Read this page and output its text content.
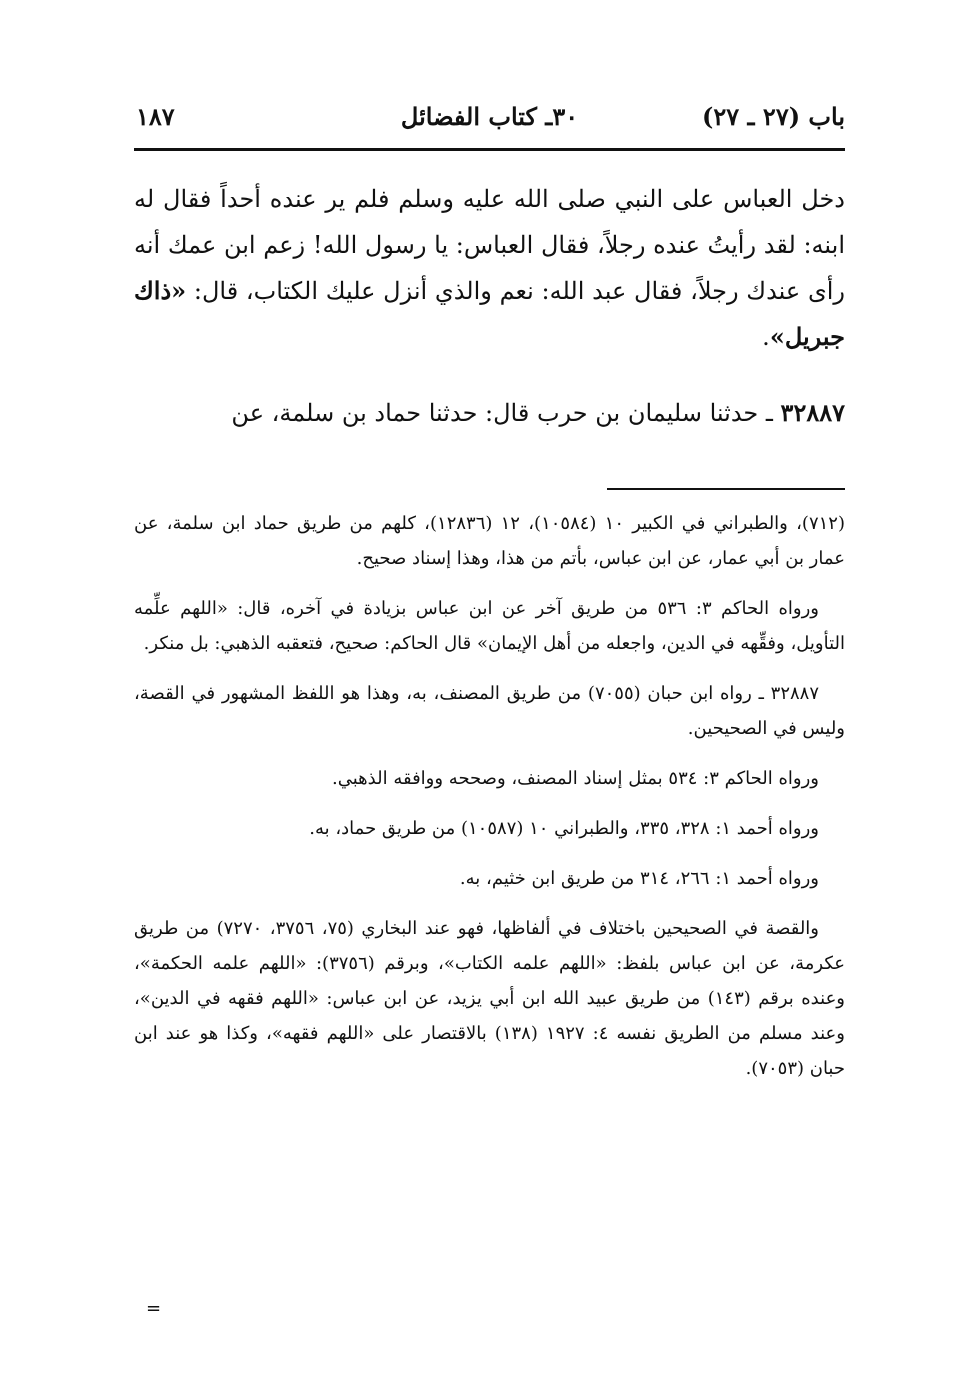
باب (٢٧ ـ ٢٧)
٣٠ـ كتاب الفضائل
١٨٧

دخل العباس على النبي صلى الله عليه وسلم فلم ير عنده أحداً فقال له ابنه: لقد رأيتُ عنده رجلاً، فقال العباس: يا رسول الله! زعم ابن عمك أنه رأى عندك رجلاً، فقال عبد الله: نعم والذي أنزل عليك الكتاب، قال: «ذاك جبريل».

٣٢٨٨٧ ـ حدثنا سليمان بن حرب قال: حدثنا حماد بن سلمة، عن

(٧١٢)، والطبراني في الكبير ١٠ (١٠٥٨٤)، ١٢ (١٢٨٣٦)، كلهم من طريق حماد ابن سلمة، عن عمار بن أبي عمار، عن ابن عباس، بأتم من هذا، وهذا إسناد صحيح.

ورواه الحاكم ٣: ٥٣٦ من طريق آخر عن ابن عباس بزيادة في آخره، قال: «اللهم علِّمه التأويل، وفقِّهه في الدين، واجعله من أهل الإيمان» قال الحاكم: صحيح، فتعقبه الذهبي: بل منكر.

٣٢٨٨٧ ـ رواه ابن حبان (٧٠٥٥) من طريق المصنف، به، وهذا هو اللفظ المشهور في القصة، وليس في الصحيحين.

ورواه الحاكم ٣: ٥٣٤ بمثل إسناد المصنف، وصححه ووافقه الذهبي.

ورواه أحمد ١: ٣٢٨، ٣٣٥، والطبراني ١٠ (١٠٥٨٧) من طريق حماد، به.

ورواه أحمد ١: ٢٦٦، ٣١٤ من طريق ابن خثيم، به.

والقصة في الصحيحين باختلاف في ألفاظها، فهو عند البخاري (٧٥، ٣٧٥٦، ٧٢٧٠) من طريق عكرمة، عن ابن عباس بلفظ: «اللهم علمه الكتاب»، وبرقم (٣٧٥٦): «اللهم علمه الحكمة»، وعنده برقم (١٤٣) من طريق عبيد الله ابن أبي يزيد، عن ابن عباس: «اللهم فقهه في الدين»، وعند مسلم من الطريق نفسه ٤: ١٩٢٧ (١٣٨) بالاقتصار على «اللهم فقهه»، وكذا هو عند ابن حبان (٧٠٥٣).

=
